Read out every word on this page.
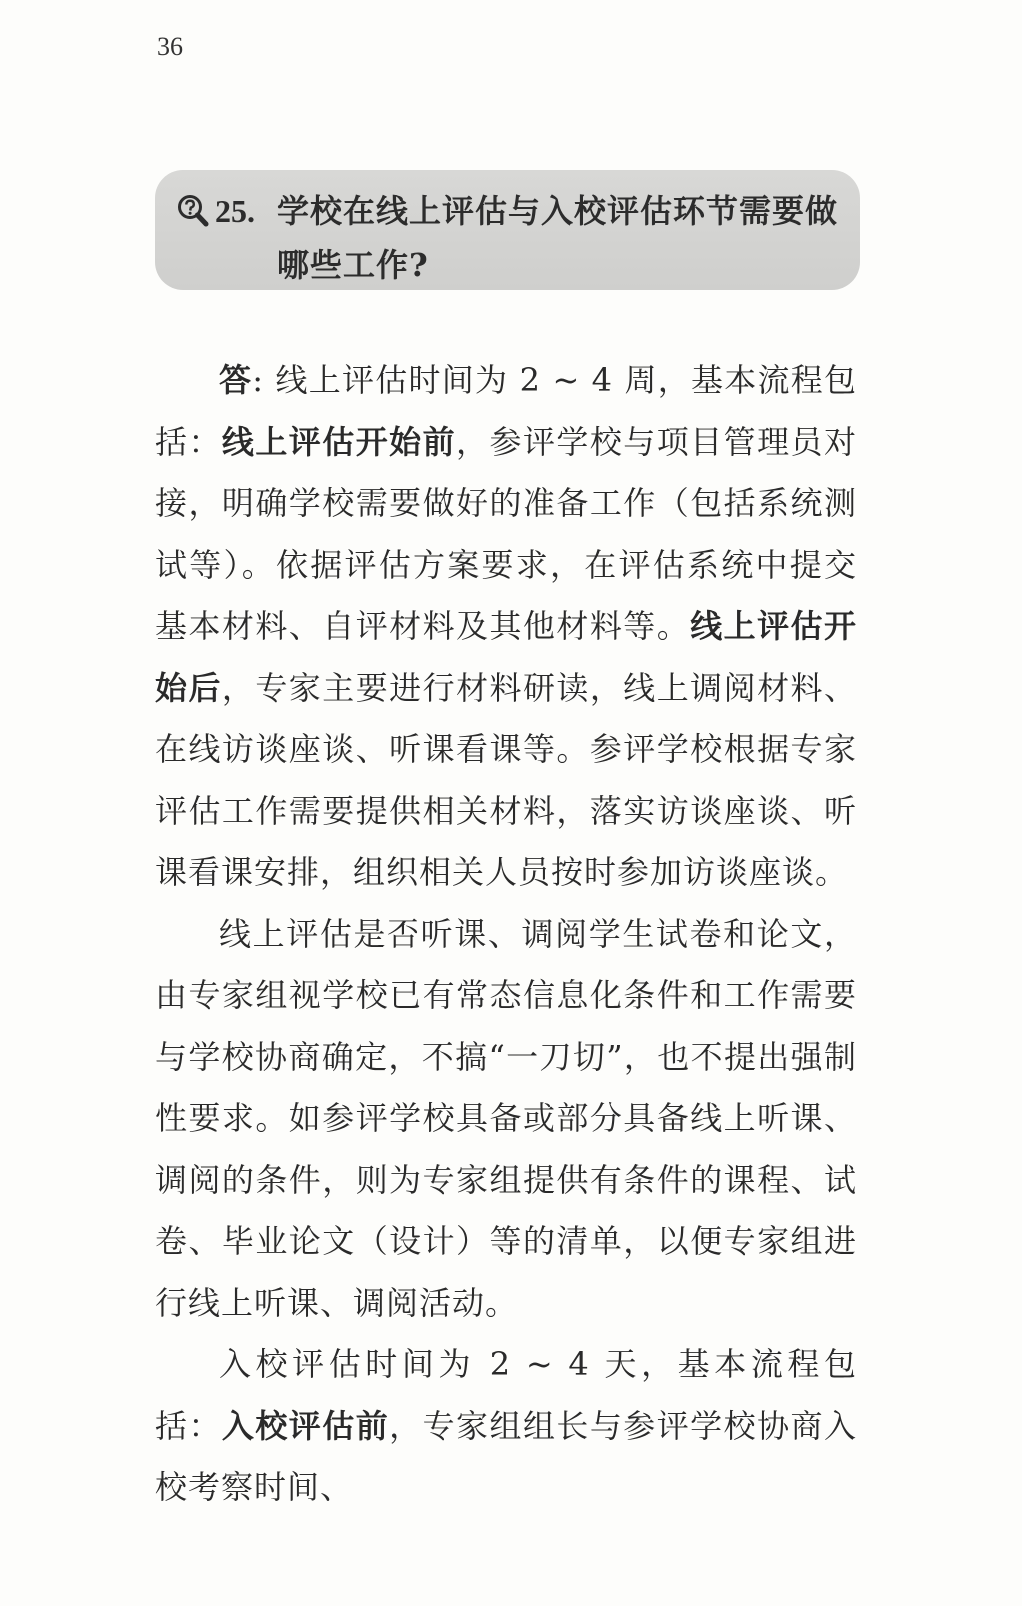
36
25. 学校在线上评估与入校评估环节需要做哪些工作?

答: 线上评估时间为 2 ~ 4 周，基本流程包括：线上评估开始前，参评学校与项目管理员对接，明确学校需要做好的准备工作（包括系统测试等）。依据评估方案要求，在评估系统中提交基本材料、自评材料及其他材料等。线上评估开始后，专家主要进行材料研读，线上调阅材料、在线访谈座谈、听课看课等。参评学校根据专家评估工作需要提供相关材料，落实访谈座谈、听课看课安排，组织相关人员按时参加访谈座谈。

线上评估是否听课、调阅学生试卷和论文，由专家组视学校已有常态信息化条件和工作需要与学校协商确定，不搞“一刀切”，也不提出强制性要求。如参评学校具备或部分具备线上听课、调阅的条件，则为专家组提供有条件的课程、试卷、毕业论文（设计）等的清单，以便专家组进行线上听课、调阅活动。

入校评估时间为 2 ~ 4 天，基本流程包括：入校评估前，专家组组长与参评学校协商入校考察时间、
